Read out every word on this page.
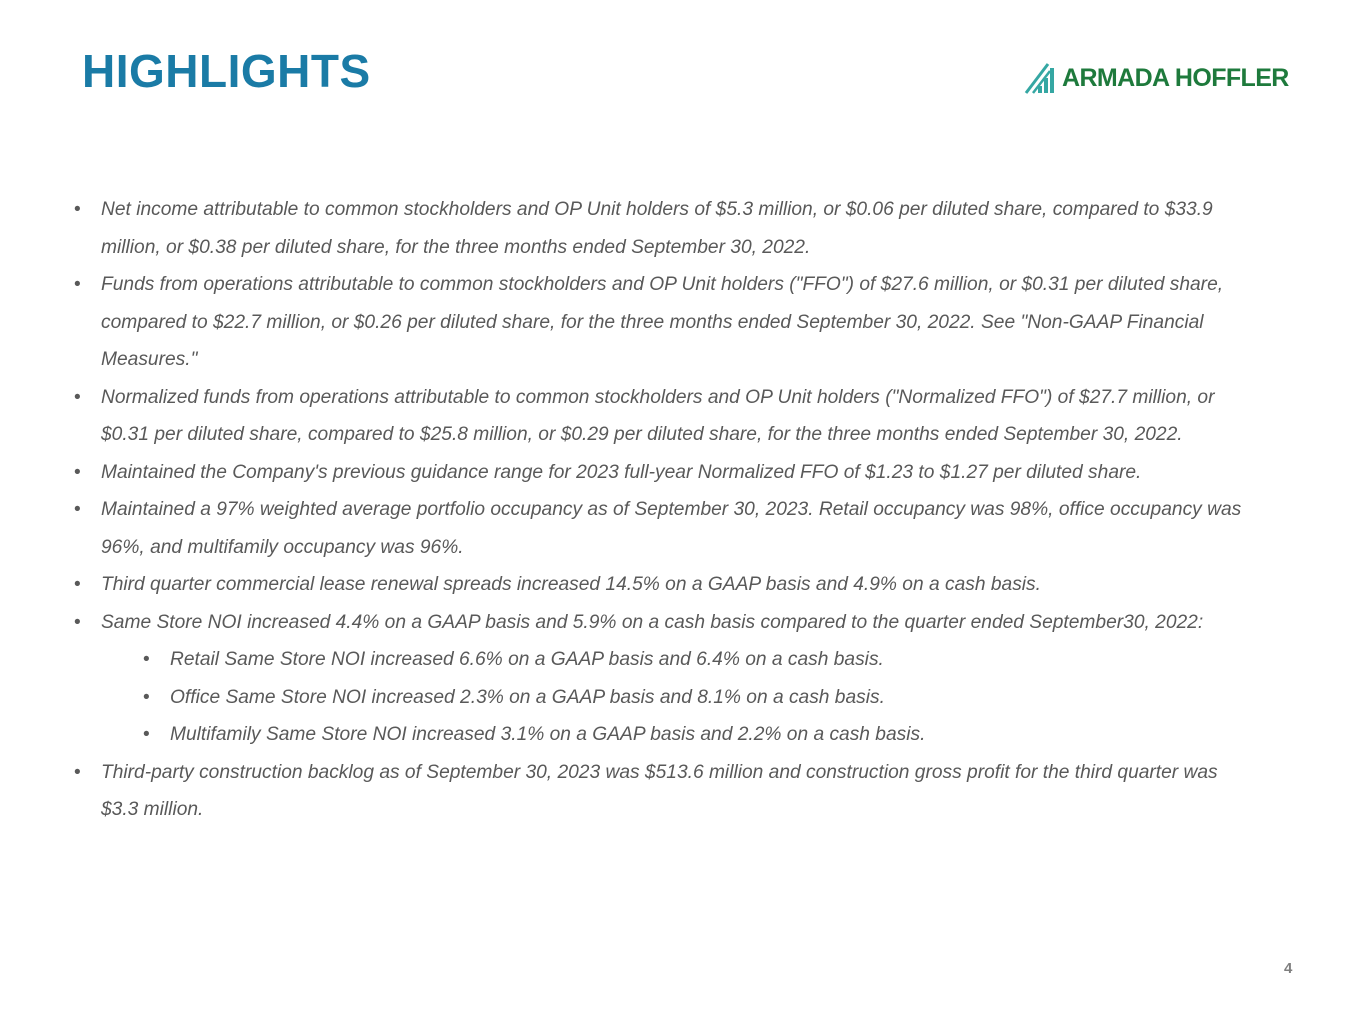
HIGHLIGHTS	ARMADA HOFFLER
• Net income attributable to common stockholders and OP Unit holders of $5.3 million, or $0.06 per diluted share, compared to $33.9 million, or $0.38 per diluted share, for the three months ended September 30, 2022.
• Funds from operations attributable to common stockholders and OP Unit holders ("FFO") of $27.6 million, or $0.31 per diluted share, compared to $22.7 million, or $0.26 per diluted share, for the three months ended September 30, 2022. See "Non-GAAP Financial Measures."
• Normalized funds from operations attributable to common stockholders and OP Unit holders ("Normalized FFO") of $27.7 million, or $0.31 per diluted share, compared to $25.8 million, or $0.29 per diluted share, for the three months ended September 30, 2022.
• Maintained the Company's previous guidance range for 2023 full-year Normalized FFO of $1.23 to $1.27 per diluted share.
• Maintained a 97% weighted average portfolio occupancy as of September 30, 2023. Retail occupancy was 98%, office occupancy was 96%, and multifamily occupancy was 96%.
• Third quarter commercial lease renewal spreads increased 14.5% on a GAAP basis and 4.9% on a cash basis.
• Same Store NOI increased 4.4% on a GAAP basis and 5.9% on a cash basis compared to the quarter ended September30, 2022:
• Retail Same Store NOI increased 6.6% on a GAAP basis and 6.4% on a cash basis.
• Office Same Store NOI increased 2.3% on a GAAP basis and 8.1% on a cash basis.
• Multifamily Same Store NOI increased 3.1% on a GAAP basis and 2.2% on a cash basis.
• Third-party construction backlog as of September 30, 2023 was $513.6 million and construction gross profit for the third quarter was $3.3 million.
4
